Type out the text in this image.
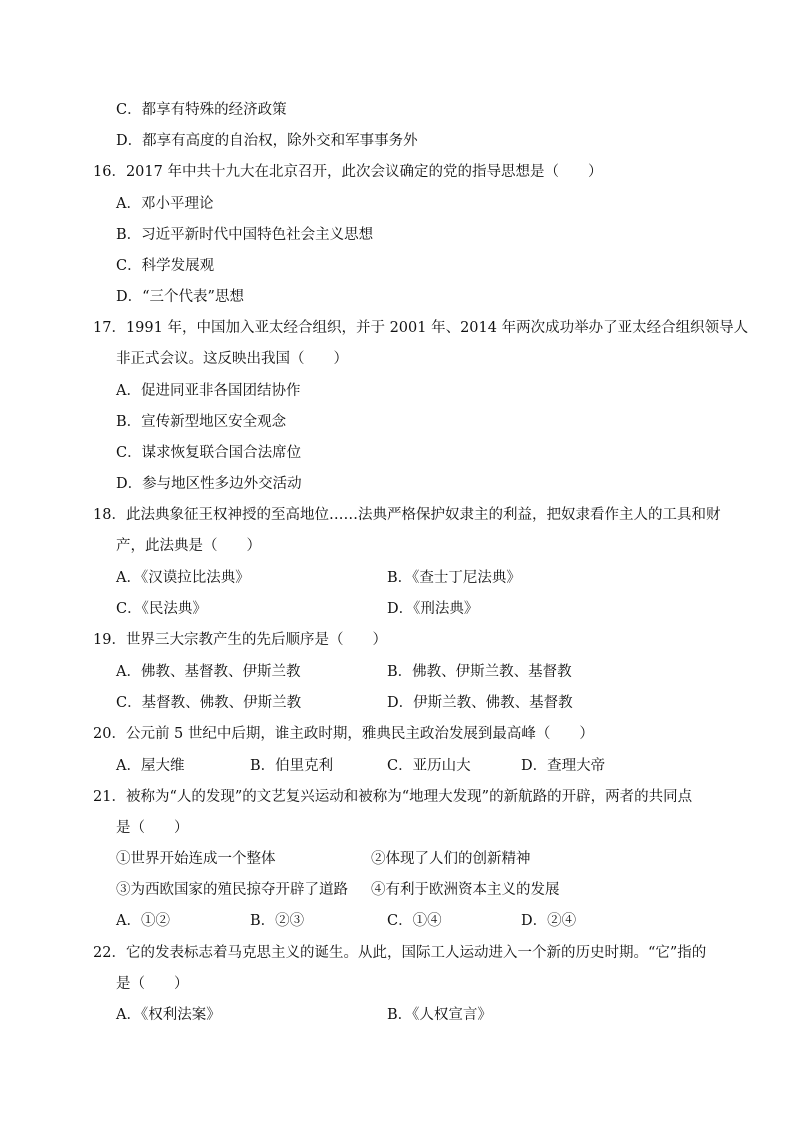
C．都享有特殊的经济政策
D．都享有高度的自治权，除外交和军事事务外
16．2017 年中共十九大在北京召开，此次会议确定的党的指导思想是（　　）
A．邓小平理论
B．习近平新时代中国特色社会主义思想
C．科学发展观
D．“三个代表”思想
17．1991 年，中国加入亚太经合组织，并于 2001 年、2014 年两次成功举办了亚太经合组织领导人
非正式会议。这反映出我国（　　）
A．促进同亚非各国团结协作
B．宣传新型地区安全观念
C．谋求恢复联合国合法席位
D．参与地区性多边外交活动
18．此法典象征王权神授的至高地位……法典严格保护奴隶主的利益，把奴隶看作主人的工具和财
产，此法典是（　　）
A．《汉谟拉比法典》	B．《查士丁尼法典》
C．《民法典》	D．《刑法典》
19．世界三大宗教产生的先后顺序是（　　）
A．佛教、基督教、伊斯兰教	B．佛教、伊斯兰教、基督教
C．基督教、佛教、伊斯兰教	D．伊斯兰教、佛教、基督教
20．公元前 5 世纪中后期，谁主政时期，雅典民主政治发展到最高峰（　　）
A．屋大维	B．伯里克利	C．亚历山大	D．查理大帝
21．被称为“人的发现”的文艺复兴运动和被称为“地理大发现”的新航路的开辟，两者的共同点
是（　　）
①世界开始连成一个整体	②体现了人们的创新精神
③为西欧国家的殖民掠夺开辟了道路 ④有利于欧洲资本主义的发展
A．①②	B．②③	C．①④	D．②④
22．它的发表标志着马克思主义的诞生。从此，国际工人运动进入一个新的历史时期。“它”指的
是（　　）
A．《权利法案》	B．《人权宣言》
